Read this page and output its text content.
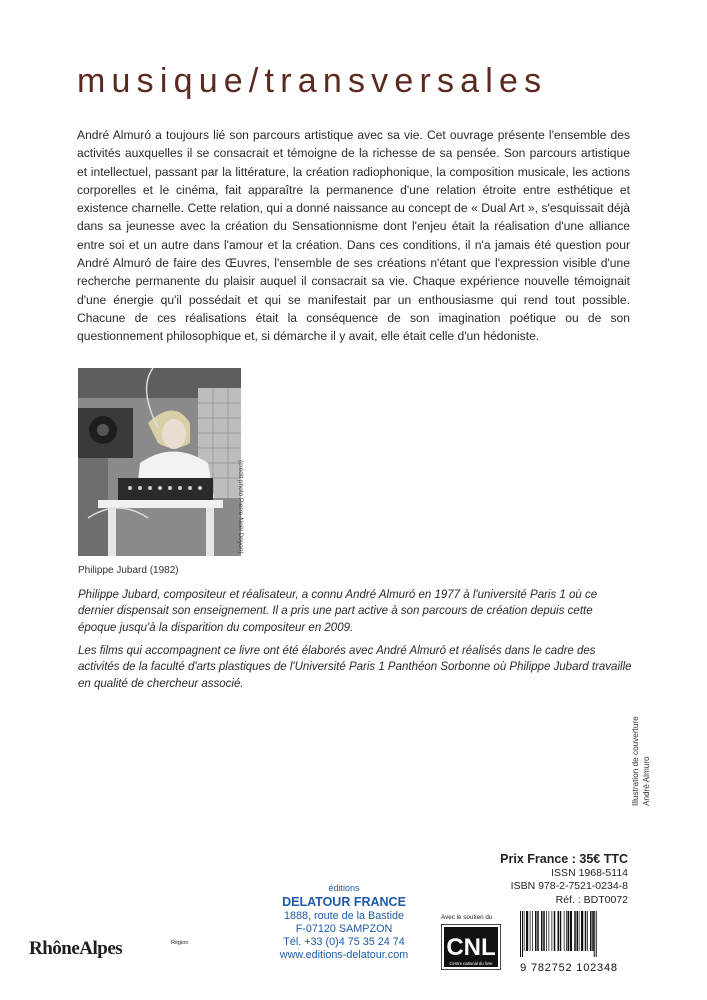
musique/transversales

André Almuró a toujours lié son parcours artistique avec sa vie. Cet ouvrage présente l'ensemble des activités auxquelles il se consacrait et témoigne de la richesse de sa pensée. Son parcours artistique et intellectuel, passant par la littérature, la création radiophonique, la composition musicale, les actions corporelles et le cinéma, fait apparaître la permanence d'une relation étroite entre esthétique et existence charnelle. Cette relation, qui a donné naissance au concept de « Dual Art », s'esquissait déjà dans sa jeunesse avec la création du Sensationnisme dont l'enjeu était la réalisation d'une alliance entre soi et un autre dans l'amour et la création. Dans ces conditions, il n'a jamais été question pour André Almuró de faire des Œuvres, l'ensemble de ses créations n'étant que l'expression visible d'une recherche permanente du plaisir auquel il consacrait sa vie. Chaque expérience nouvelle témoignait d'une énergie qu'il possédait et qui se manifestait par un enthousiasme qui rend tout possible. Chacune de ces réalisations était la conséquence de son imagination poétique ou de son questionnement philosophique et, si démarche il y avait, elle était celle d'un hédoniste.

(crédit photo Pierre-Noël Doyon)

Philippe Jubard (1982)

Philippe Jubard, compositeur et réalisateur, a connu André Almuró en 1977 à l'université Paris 1 où ce dernier dispensait son enseignement. Il a pris une part active à son parcours de création depuis cette époque jusqu'à la disparition du compositeur en 2009.

Les films qui accompagnent ce livre ont été élaborés avec André Almuró et réalisés dans le cadre des activités de la faculté d'arts plastiques de l'Université Paris 1 Panthéon Sorbonne où Philippe Jubard travaille en qualité de chercheur associé.

Illustration de couverture André Almuro
Prix France : 35€ TTC
ISSN 1968-5114
ISBN 978-2-7521-0234-8
Réf. : BDT0072
éditions
DELATOUR FRANCE
1888, route de la Bastide
F-07120 SAMPZON
Tél. +33 (0)4 75 35 24 74
www.editions-delatour.com
RhôneAlpes	Région
Avec le soutien du
CNL
Centre national du livre	9 782752 102348
